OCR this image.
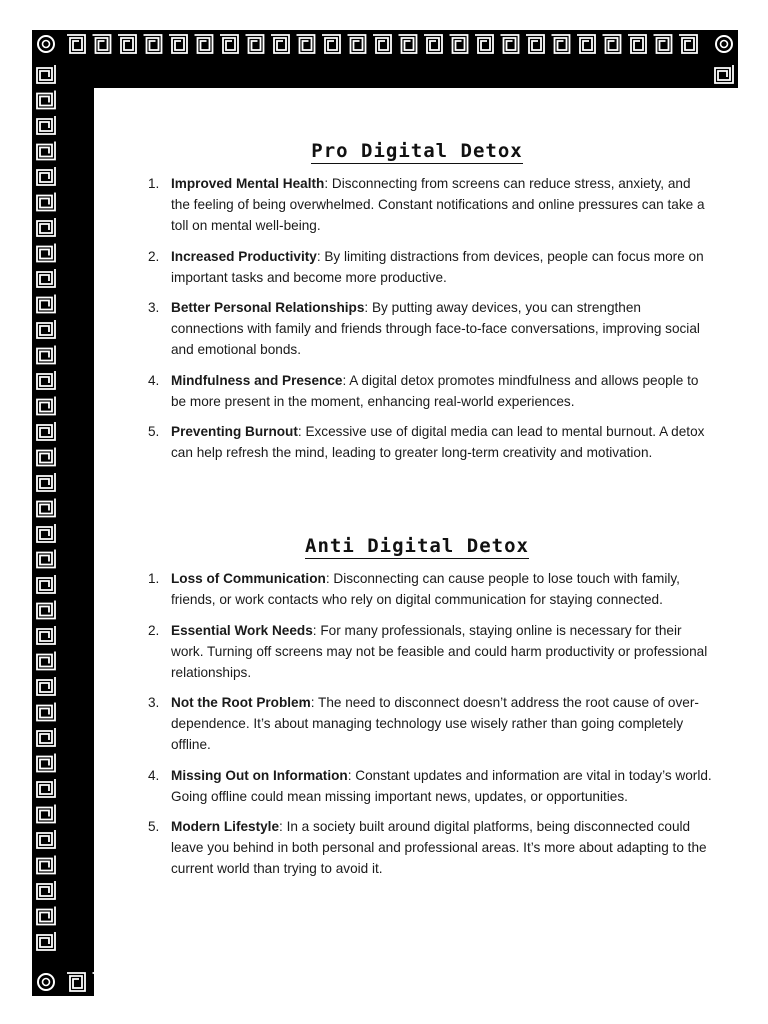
Pro Digital Detox
1. Improved Mental Health: Disconnecting from screens can reduce stress, anxiety, and the feeling of being overwhelmed. Constant notifications and online pressures can take a toll on mental well-being.
2. Increased Productivity: By limiting distractions from devices, people can focus more on important tasks and become more productive.
3. Better Personal Relationships: By putting away devices, you can strengthen connections with family and friends through face-to-face conversations, improving social and emotional bonds.
4. Mindfulness and Presence: A digital detox promotes mindfulness and allows people to be more present in the moment, enhancing real-world experiences.
5. Preventing Burnout: Excessive use of digital media can lead to mental burnout. A detox can help refresh the mind, leading to greater long-term creativity and motivation.
Anti Digital Detox
1. Loss of Communication: Disconnecting can cause people to lose touch with family, friends, or work contacts who rely on digital communication for staying connected.
2. Essential Work Needs: For many professionals, staying online is necessary for their work. Turning off screens may not be feasible and could harm productivity or professional relationships.
3. Not the Root Problem: The need to disconnect doesn’t address the root cause of over-dependence. It’s about managing technology use wisely rather than going completely offline.
4. Missing Out on Information: Constant updates and information are vital in today’s world. Going offline could mean missing important news, updates, or opportunities.
5. Modern Lifestyle: In a society built around digital platforms, being disconnected could leave you behind in both personal and professional areas. It’s more about adapting to the current world than trying to avoid it.
